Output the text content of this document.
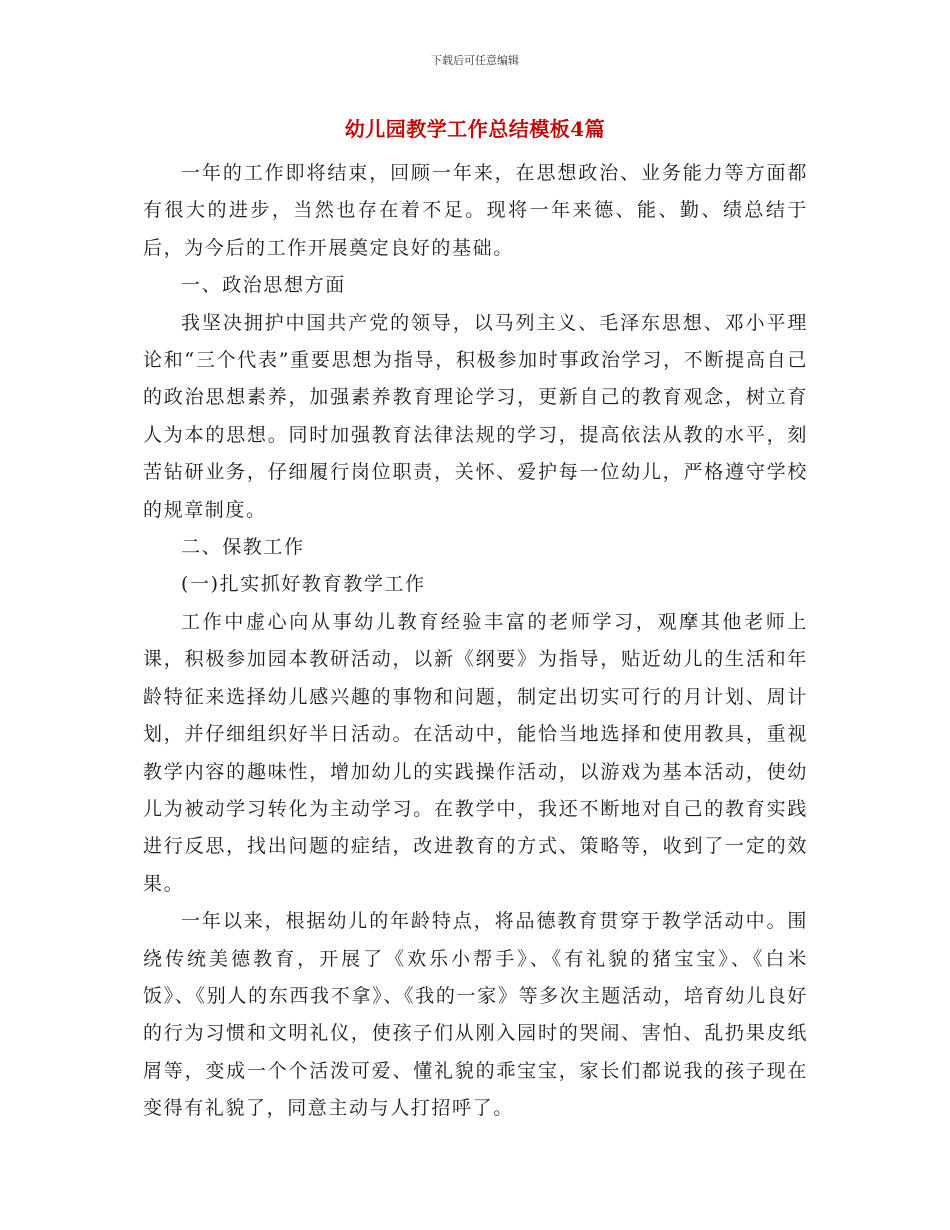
下载后可任意编辑
幼儿园教学工作总结模板4篇

一年的工作即将结束，回顾一年来，在思想政治、业务能力等方面都有很大的进步，当然也存在着不足。现将一年来德、能、勤、绩总结于后，为今后的工作开展奠定良好的基础。

一、政治思想方面

我坚决拥护中国共产党的领导，以马列主义、毛泽东思想、邓小平理论和“三个代表”重要思想为指导，积极参加时事政治学习，不断提高自己的政治思想素养，加强素养教育理论学习，更新自己的教育观念，树立育人为本的思想。同时加强教育法律法规的学习，提高依法从教的水平，刻苦钻研业务，仔细履行岗位职责，关怀、爱护每一位幼儿，严格遵守学校的规章制度。

二、保教工作

(一)扎实抓好教育教学工作

工作中虚心向从事幼儿教育经验丰富的老师学习，观摩其他老师上课，积极参加园本教研活动，以新《纲要》为指导，贴近幼儿的生活和年龄特征来选择幼儿感兴趣的事物和问题，制定出切实可行的月计划、周计划，并仔细组织好半日活动。在活动中，能恰当地选择和使用教具，重视教学内容的趣味性，增加幼儿的实践操作活动，以游戏为基本活动，使幼儿为被动学习转化为主动学习。在教学中，我还不断地对自己的教育实践进行反思，找出问题的症结，改进教育的方式、策略等，收到了一定的效果。

一年以来，根据幼儿的年龄特点，将品德教育贯穿于教学活动中。围绕传统美德教育，开展了《欢乐小帮手》、《有礼貌的猪宝宝》、《白米饭》、《别人的东西我不拿》、《我的一家》等多次主题活动，培育幼儿良好的行为习惯和文明礼仪，使孩子们从刚入园时的哭闹、害怕、乱扔果皮纸屑等，变成一个个活泼可爱、懂礼貌的乖宝宝，家长们都说我的孩子现在变得有礼貌了，同意主动与人打招呼了。
